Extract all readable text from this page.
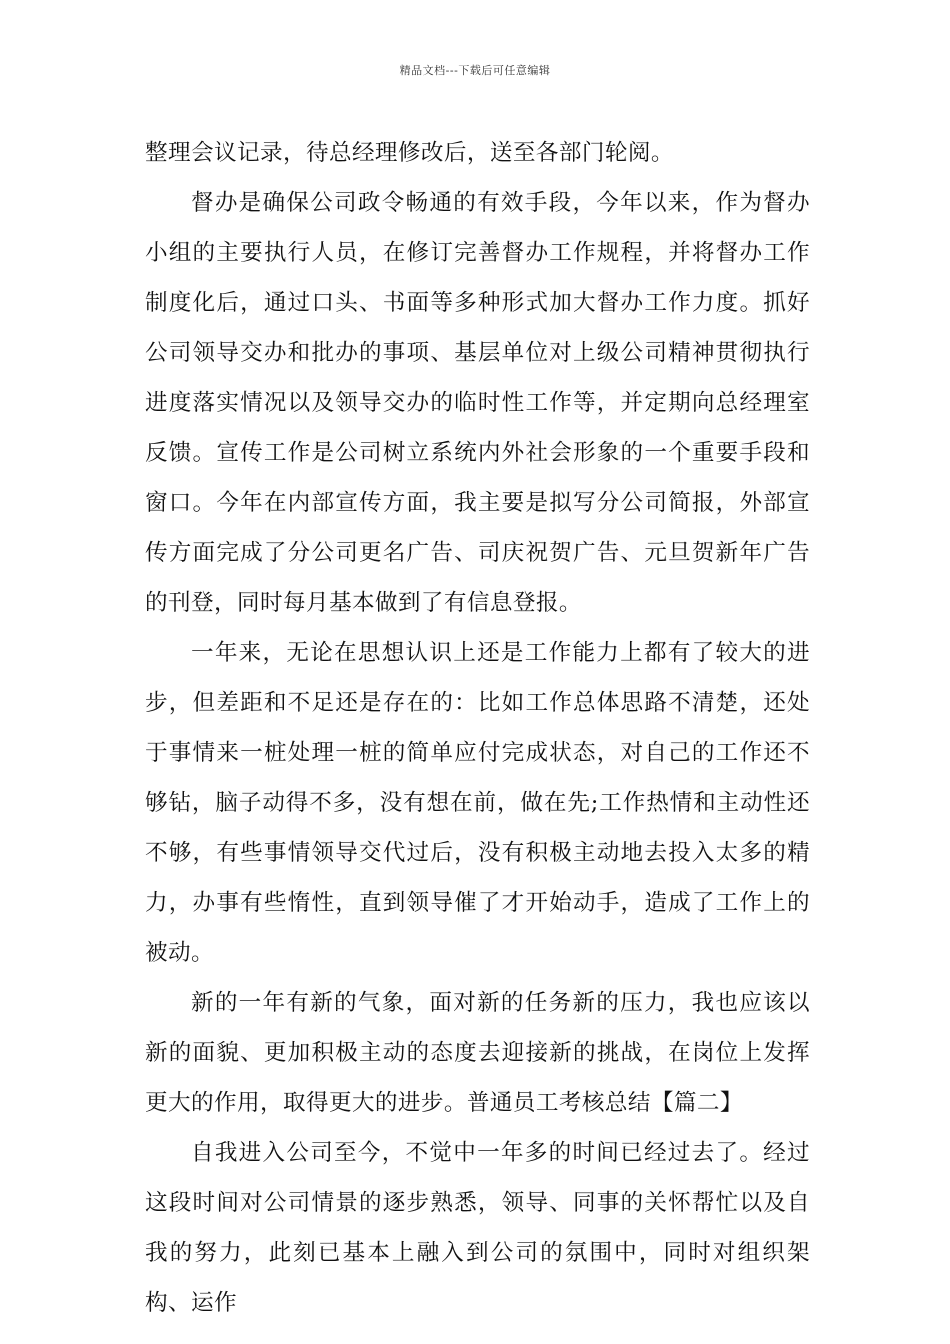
精品文档---下载后可任意编辑

整理会议记录，待总经理修改后，送至各部门轮阅。

督办是确保公司政令畅通的有效手段，今年以来，作为督办小组的主要执行人员，在修订完善督办工作规程，并将督办工作制度化后，通过口头、书面等多种形式加大督办工作力度。抓好公司领导交办和批办的事项、基层单位对上级公司精神贯彻执行进度落实情况以及领导交办的临时性工作等，并定期向总经理室反馈。宣传工作是公司树立系统内外社会形象的一个重要手段和窗口。今年在内部宣传方面，我主要是拟写分公司简报，外部宣传方面完成了分公司更名广告、司庆祝贺广告、元旦贺新年广告的刊登，同时每月基本做到了有信息登报。

一年来，无论在思想认识上还是工作能力上都有了较大的进步，但差距和不足还是存在的：比如工作总体思路不清楚，还处于事情来一桩处理一桩的简单应付完成状态，对自己的工作还不够钻，脑子动得不多，没有想在前，做在先;工作热情和主动性还不够，有些事情领导交代过后，没有积极主动地去投入太多的精力，办事有些惰性，直到领导催了才开始动手，造成了工作上的被动。

新的一年有新的气象，面对新的任务新的压力，我也应该以新的面貌、更加积极主动的态度去迎接新的挑战，在岗位上发挥更大的作用，取得更大的进步。普通员工考核总结【篇二】

自我进入公司至今，不觉中一年多的时间已经过去了。经过这段时间对公司情景的逐步熟悉，领导、同事的关怀帮忙以及自我的努力，此刻已基本上融入到公司的氛围中，同时对组织架构、运作
